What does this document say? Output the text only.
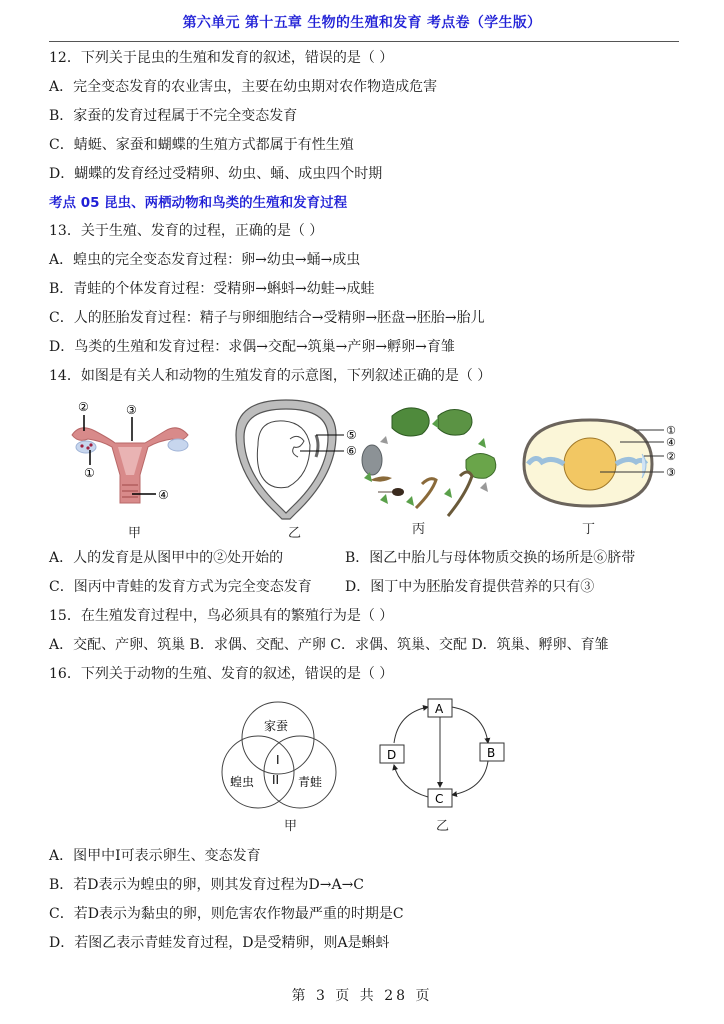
第六单元 第十五章 生物的生殖和发育 考点卷（学生版）
12．下列关于昆虫的生殖和发育的叙述，错误的是（ ）
A．完全变态发育的农业害虫，主要在幼虫期对农作物造成危害
B．家蚕的发育过程属于不完全变态发育
C．蜻蜓、家蚕和蝴蝶的生殖方式都属于有性生殖
D．蝴蝶的发育经过受精卵、幼虫、蛹、成虫四个时期
考点 05 昆虫、两栖动物和鸟类的生殖和发育过程
13．关于生殖、发育的过程，正确的是（ ）
A．蝗虫的完全变态发育过程：卵→幼虫→蛹→成虫
B．青蛙的个体发育过程：受精卵→蝌蚪→幼蛙→成蛙
C．人的胚胎发育过程：精子与卵细胞结合→受精卵→胚盘→胚胎→胎儿
D．鸟类的生殖和发育过程：求偶→交配→筑巢→产卵→孵卵→育雏
14．如图是有关人和动物的生殖发育的示意图，下列叙述正确的是（ ）
②	③
①
④
甲
⑤
⑥
乙	丙
①
④
②
③
丁
A．人的发育是从图甲中的②处开始的	B．图乙中胎儿与母体物质交换的场所是⑥脐带
C．图丙中青蛙的发育方式为完全变态发育 D．图丁中为胚胎发育提供营养的只有③
15．在生殖发育过程中，鸟必须具有的繁殖行为是（ ）
A．交配、产卵、筑巢 B．求偶、交配、产卵 C．求偶、筑巢、交配 D．筑巢、孵卵、育雏
16．下列关于动物的生殖、发育的叙述，错误的是（ ）
家蚕
蝗虫	青蛙
I
II
甲
A
B
C
D
乙
A．图甲中I可表示卵生、变态发育
B．若D表示为蝗虫的卵，则其发育过程为D→A→C
C．若D表示为黏虫的卵，则危害农作物最严重的时期是C
D．若图乙表示青蛙发育过程，D是受精卵，则A是蝌蚪
第 3 页 共 28 页
